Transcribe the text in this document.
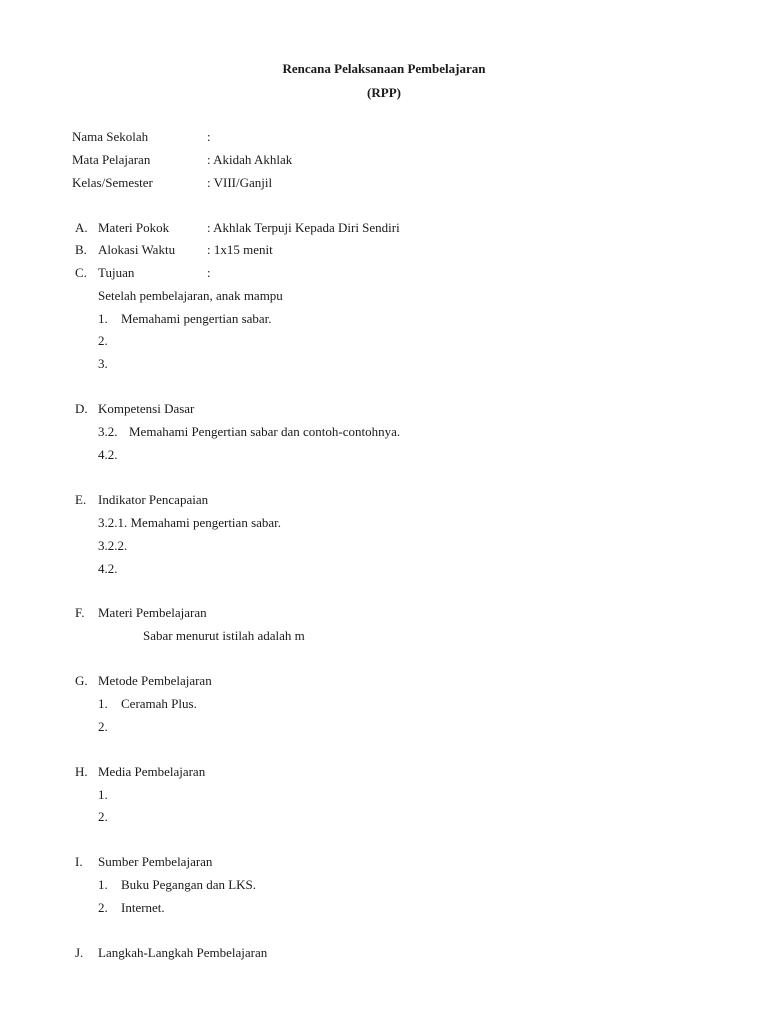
Rencana Pelaksanaan Pembelajaran
(RPP)
Nama Sekolah	:
Mata Pelajaran	: Akidah Akhlak
Kelas/Semester	: VIII/Ganjil
A. Materi Pokok	: Akhlak Terpuji Kepada Diri Sendiri
B. Alokasi Waktu : 1x15 menit
C. Tujuan	:
Setelah pembelajaran, anak mampu
1. Memahami pengertian sabar.
2.
3.
D. Kompetensi Dasar
3.2. Memahami Pengertian sabar dan contoh-contohnya.
4.2.
E. Indikator Pencapaian
3.2.1. Memahami pengertian sabar.
3.2.2.
4.2.
F. Materi Pembelajaran
Sabar menurut istilah adalah m
G. Metode Pembelajaran
1. Ceramah Plus.
2.
H. Media Pembelajaran
1.
2.
I. Sumber Pembelajaran
1. Buku Pegangan dan LKS.
2. Internet.
J. Langkah-Langkah Pembelajaran
